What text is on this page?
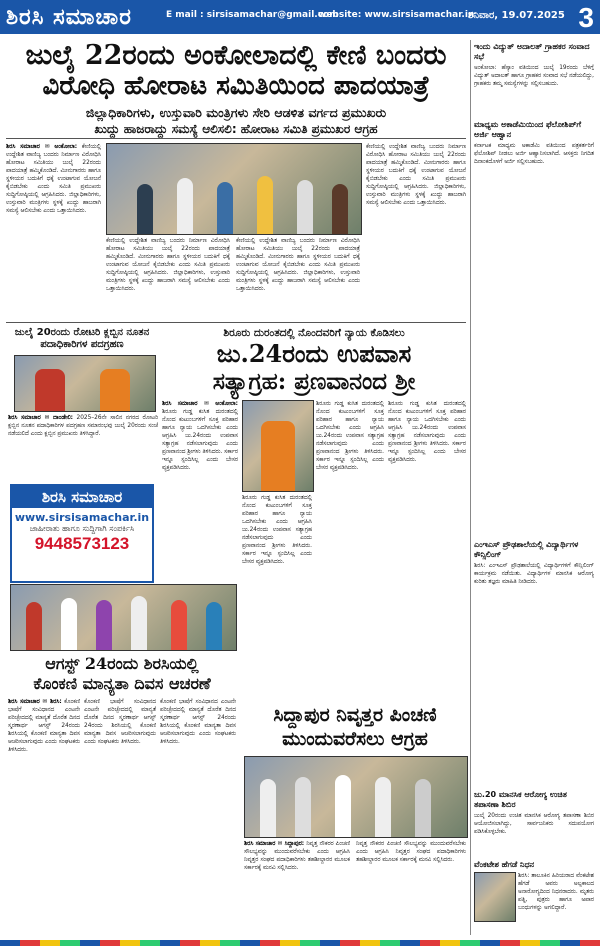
ಶಿರಸಿ ಸಮಾಚಾರ	E mail : sirsisamachar@gmail.com
website: www.sirsisamachar.in
ಶನಿವಾರ, 19.07.2025 3
ಜುಲೈ 22ರಂದು ಅಂಕೋಲಾದಲ್ಲಿ ಕೇಣಿ ಬಂದರು
ವಿರೋಧಿ ಹೋರಾಟ ಸಮಿತಿಯಿಂದ ಪಾದಯಾತ್ರೆ
ಜಿಲ್ಲಾಧಿಕಾರಿಗಳು, ಉಸ್ತುವಾರಿ ಮಂತ್ರಿಗಳು ಸೇರಿ ಆಡಳಿತ ವರ್ಗದ ಪ್ರಮುಖರು
ಖುದ್ದು ಹಾಜರಾದ್ದು ಸಮಸ್ಯೆ ಆಲಿಸಲಿ: ಹೋರಾಟ ಸಮಿತಿ ಪ್ರಮುಖರ ಆಗ್ರಹ
ಶಿರಸಿ ಸಮಾಚಾರ ✉ ಅಂಕೋಲಾ: ಕೇಣಿಯಲ್ಲಿ ಉದ್ದೇಶಿತ ವಾಣಿಜ್ಯ ಬಂದರು ನಿರ್ಮಾಣ ವಿರೋಧಿಸಿ ಹೋರಾಟ ಸಮಿತಿಯು ಜುಲೈ 22ರಂದು ಪಾದಯಾತ್ರೆ ಹಮ್ಮಿಕೊಂಡಿದೆ. ಮೀನುಗಾರರು ಹಾಗೂ ಸ್ಥಳೀಯರ ಬದುಕಿಗೆ ಧಕ್ಕೆ ಉಂಟಾಗುವ ಯೋಜನೆ ಕೈಬಿಡಬೇಕು ಎಂದು ಸಮಿತಿ ಪ್ರಮುಖರು ಸುದ್ದಿಗೋಷ್ಠಿಯಲ್ಲಿ ಆಗ್ರಹಿಸಿದರು. ಜಿಲ್ಲಾಧಿಕಾರಿಗಳು, ಉಸ್ತುವಾರಿ ಮಂತ್ರಿಗಳು ಸ್ಥಳಕ್ಕೆ ಖುದ್ದು ಹಾಜರಾಗಿ ಸಮಸ್ಯೆ ಆಲಿಸಬೇಕು ಎಂದು ಒತ್ತಾಯಿಸಿದರು.
ಕೇಣಿಯಲ್ಲಿ ಉದ್ದೇಶಿತ ವಾಣಿಜ್ಯ ಬಂದರು ನಿರ್ಮಾಣ ವಿರೋಧಿಸಿ ಹೋರಾಟ ಸಮಿತಿಯು ಜುಲೈ 22ರಂದು ಪಾದಯಾತ್ರೆ ಹಮ್ಮಿಕೊಂಡಿದೆ. ಮೀನುಗಾರರು ಹಾಗೂ ಸ್ಥಳೀಯರ ಬದುಕಿಗೆ ಧಕ್ಕೆ ಉಂಟಾಗುವ ಯೋಜನೆ ಕೈಬಿಡಬೇಕು ಎಂದು ಸಮಿತಿ ಪ್ರಮುಖರು ಸುದ್ದಿಗೋಷ್ಠಿಯಲ್ಲಿ ಆಗ್ರಹಿಸಿದರು. ಜಿಲ್ಲಾಧಿಕಾರಿಗಳು, ಉಸ್ತುವಾರಿ ಮಂತ್ರಿಗಳು ಸ್ಥಳಕ್ಕೆ ಖುದ್ದು ಹಾಜರಾಗಿ ಸಮಸ್ಯೆ ಆಲಿಸಬೇಕು ಎಂದು ಒತ್ತಾಯಿಸಿದರು.
ಕೇಣಿಯಲ್ಲಿ ಉದ್ದೇಶಿತ ವಾಣಿಜ್ಯ ಬಂದರು ನಿರ್ಮಾಣ ವಿರೋಧಿಸಿ ಹೋರಾಟ ಸಮಿತಿಯು ಜುಲೈ 22ರಂದು ಪಾದಯಾತ್ರೆ ಹಮ್ಮಿಕೊಂಡಿದೆ. ಮೀನುಗಾರರು ಹಾಗೂ ಸ್ಥಳೀಯರ ಬದುಕಿಗೆ ಧಕ್ಕೆ ಉಂಟಾಗುವ ಯೋಜನೆ ಕೈಬಿಡಬೇಕು ಎಂದು ಸಮಿತಿ ಪ್ರಮುಖರು ಸುದ್ದಿಗೋಷ್ಠಿಯಲ್ಲಿ ಆಗ್ರಹಿಸಿದರು. ಜಿಲ್ಲಾಧಿಕಾರಿಗಳು, ಉಸ್ತುವಾರಿ ಮಂತ್ರಿಗಳು ಸ್ಥಳಕ್ಕೆ ಖುದ್ದು ಹಾಜರಾಗಿ ಸಮಸ್ಯೆ ಆಲಿಸಬೇಕು ಎಂದು ಒತ್ತಾಯಿಸಿದರು.
ಕೇಣಿಯಲ್ಲಿ ಉದ್ದೇಶಿತ ವಾಣಿಜ್ಯ ಬಂದರು ನಿರ್ಮಾಣ ವಿರೋಧಿಸಿ ಹೋರಾಟ ಸಮಿತಿಯು ಜುಲೈ 22ರಂದು ಪಾದಯಾತ್ರೆ ಹಮ್ಮಿಕೊಂಡಿದೆ. ಮೀನುಗಾರರು ಹಾಗೂ ಸ್ಥಳೀಯರ ಬದುಕಿಗೆ ಧಕ್ಕೆ ಉಂಟಾಗುವ ಯೋಜನೆ ಕೈಬಿಡಬೇಕು ಎಂದು ಸಮಿತಿ ಪ್ರಮುಖರು ಸುದ್ದಿಗೋಷ್ಠಿಯಲ್ಲಿ ಆಗ್ರಹಿಸಿದರು. ಜಿಲ್ಲಾಧಿಕಾರಿಗಳು, ಉಸ್ತುವಾರಿ ಮಂತ್ರಿಗಳು ಸ್ಥಳಕ್ಕೆ ಖುದ್ದು ಹಾಜರಾಗಿ ಸಮಸ್ಯೆ ಆಲಿಸಬೇಕು ಎಂದು ಒತ್ತಾಯಿಸಿದರು.
ಜುಲೈ 20ರಂದು ರೋಟರಿ ಕ್ಲಬ್ಬಿನ ನೂತನ ಪದಾಧಿಕಾರಿಗಳ ಪದಗ್ರಹಣ
ಶಿರಸಿ ಸಮಾಚಾರ ✉ ದಾಂಡೇಲಿ: 2025–26ನೇ ಸಾಲಿನ ನಗರದ ರೋಟರಿ ಕ್ಲಬ್ಬಿನ ನೂತನ ಪದಾಧಿಕಾರಿಗಳ ಪದಗ್ರಹಣ ಸಮಾರಂಭವು ಜುಲೈ 20ರಂದು ಸಂಜೆ ನಡೆಯಲಿದೆ ಎಂದು ಕ್ಲಬ್ಬಿನ ಪ್ರಮುಖರು ತಿಳಿಸಿದ್ದಾರೆ.
ಶಿರಸಿ ಸಮಾಚಾರ
www.sirsisamachar.in
ಜಾಹೀರಾತು ಹಾಗೂ ಸುದ್ದಿಗಾಗಿ ಸಂಪರ್ಕಿಸಿ
9448573123
ಶಿರೂರು ದುರಂತದಲ್ಲಿ ನೊಂದವರಿಗೆ ನ್ಯಾಯ ಕೊಡಿಸಲು
ಜು.24ರಂದು ಉಪವಾಸ
ಸತ್ಯಾಗ್ರಹ: ಪ್ರಣವಾನಂದ ಶ್ರೀ
ಶಿರಸಿ ಸಮಾಚಾರ ✉ ಅಂಕೋಲಾ: ಶಿರೂರು ಗುಡ್ಡ ಕುಸಿತ ದುರಂತದಲ್ಲಿ ನೊಂದ ಕುಟುಂಬಗಳಿಗೆ ಸೂಕ್ತ ಪರಿಹಾರ ಹಾಗೂ ನ್ಯಾಯ ಒದಗಿಸಬೇಕು ಎಂದು ಆಗ್ರಹಿಸಿ ಜು.24ರಂದು ಉಪವಾಸ ಸತ್ಯಾಗ್ರಹ ನಡೆಸಲಾಗುವುದು ಎಂದು ಪ್ರಣವಾನಂದ ಶ್ರೀಗಳು ತಿಳಿಸಿದರು. ಸರ್ಕಾರ ಇನ್ನೂ ಸ್ಪಂದಿಸಿಲ್ಲ ಎಂದು ಬೇಸರ ವ್ಯಕ್ತಪಡಿಸಿದರು.
ಶಿರೂರು ಗುಡ್ಡ ಕುಸಿತ ದುರಂತದಲ್ಲಿ ನೊಂದ ಕುಟುಂಬಗಳಿಗೆ ಸೂಕ್ತ ಪರಿಹಾರ ಹಾಗೂ ನ್ಯಾಯ ಒದಗಿಸಬೇಕು ಎಂದು ಆಗ್ರಹಿಸಿ ಜು.24ರಂದು ಉಪವಾಸ ಸತ್ಯಾಗ್ರಹ ನಡೆಸಲಾಗುವುದು ಎಂದು ಪ್ರಣವಾನಂದ ಶ್ರೀಗಳು ತಿಳಿಸಿದರು. ಸರ್ಕಾರ ಇನ್ನೂ ಸ್ಪಂದಿಸಿಲ್ಲ ಎಂದು ಬೇಸರ ವ್ಯಕ್ತಪಡಿಸಿದರು.
ಶಿರೂರು ಗುಡ್ಡ ಕುಸಿತ ದುರಂತದಲ್ಲಿ ನೊಂದ ಕುಟುಂಬಗಳಿಗೆ ಸೂಕ್ತ ಪರಿಹಾರ ಹಾಗೂ ನ್ಯಾಯ ಒದಗಿಸಬೇಕು ಎಂದು ಆಗ್ರಹಿಸಿ ಜು.24ರಂದು ಉಪವಾಸ ಸತ್ಯಾಗ್ರಹ ನಡೆಸಲಾಗುವುದು ಎಂದು ಪ್ರಣವಾನಂದ ಶ್ರೀಗಳು ತಿಳಿಸಿದರು. ಸರ್ಕಾರ ಇನ್ನೂ ಸ್ಪಂದಿಸಿಲ್ಲ ಎಂದು ಬೇಸರ ವ್ಯಕ್ತಪಡಿಸಿದರು.
ಶಿರೂರು ಗುಡ್ಡ ಕುಸಿತ ದುರಂತದಲ್ಲಿ ನೊಂದ ಕುಟುಂಬಗಳಿಗೆ ಸೂಕ್ತ ಪರಿಹಾರ ಹಾಗೂ ನ್ಯಾಯ ಒದಗಿಸಬೇಕು ಎಂದು ಆಗ್ರಹಿಸಿ ಜು.24ರಂದು ಉಪವಾಸ ಸತ್ಯಾಗ್ರಹ ನಡೆಸಲಾಗುವುದು ಎಂದು ಪ್ರಣವಾನಂದ ಶ್ರೀಗಳು ತಿಳಿಸಿದರು. ಸರ್ಕಾರ ಇನ್ನೂ ಸ್ಪಂದಿಸಿಲ್ಲ ಎಂದು ಬೇಸರ ವ್ಯಕ್ತಪಡಿಸಿದರು.
ಆಗಸ್ಟ್ 24ರಂದು ಶಿರಸಿಯಲ್ಲಿ
ಕೊಂಕಣಿ ಮಾನ್ಯತಾ ದಿವಸ ಆಚರಣೆ
ಶಿರಸಿ ಸಮಾಚಾರ ✉ ಶಿರಸಿ: ಕೊಂಕಣಿ ಭಾಷೆಗೆ ಸಂವಿಧಾನದ ಎಂಟನೇ ಪರಿಚ್ಛೇದದಲ್ಲಿ ಮಾನ್ಯತೆ ದೊರೆತ ದಿನದ ಸ್ಮರಣಾರ್ಥ ಆಗಸ್ಟ್ 24ರಂದು ಶಿರಸಿಯಲ್ಲಿ ಕೊಂಕಣಿ ಮಾನ್ಯತಾ ದಿವಸ ಆಚರಿಸಲಾಗುವುದು ಎಂದು ಸಂಘಟಕರು ತಿಳಿಸಿದರು.
ಕೊಂಕಣಿ ಭಾಷೆಗೆ ಸಂವಿಧಾನದ ಎಂಟನೇ ಪರಿಚ್ಛೇದದಲ್ಲಿ ಮಾನ್ಯತೆ ದೊರೆತ ದಿನದ ಸ್ಮರಣಾರ್ಥ ಆಗಸ್ಟ್ 24ರಂದು ಶಿರಸಿಯಲ್ಲಿ ಕೊಂಕಣಿ ಮಾನ್ಯತಾ ದಿವಸ ಆಚರಿಸಲಾಗುವುದು ಎಂದು ಸಂಘಟಕರು ತಿಳಿಸಿದರು.
ಕೊಂಕಣಿ ಭಾಷೆಗೆ ಸಂವಿಧಾನದ ಎಂಟನೇ ಪರಿಚ್ಛೇದದಲ್ಲಿ ಮಾನ್ಯತೆ ದೊರೆತ ದಿನದ ಸ್ಮರಣಾರ್ಥ ಆಗಸ್ಟ್ 24ರಂದು ಶಿರಸಿಯಲ್ಲಿ ಕೊಂಕಣಿ ಮಾನ್ಯತಾ ದಿವಸ ಆಚರಿಸಲಾಗುವುದು ಎಂದು ಸಂಘಟಕರು ತಿಳಿಸಿದರು.
ಸಿದ್ದಾಪುರ ನಿವೃತ್ತರ ಪಿಂಚಣಿ
ಮುಂದುವರೆಸಲು ಆಗ್ರಹ
ಶಿರಸಿ ಸಮಾಚಾರ ✉ ಸಿದ್ದಾಪುರ: ನಿವೃತ್ತ ನೌಕರರ ಪಿಂಚಣಿ ಸೌಲಭ್ಯವನ್ನು ಮುಂದುವರೆಸಬೇಕು ಎಂದು ಆಗ್ರಹಿಸಿ ನಿವೃತ್ತರ ಸಂಘದ ಪದಾಧಿಕಾರಿಗಳು ತಹಶೀಲ್ದಾರರ ಮೂಲಕ ಸರ್ಕಾರಕ್ಕೆ ಮನವಿ ಸಲ್ಲಿಸಿದರು.
ನಿವೃತ್ತ ನೌಕರರ ಪಿಂಚಣಿ ಸೌಲಭ್ಯವನ್ನು ಮುಂದುವರೆಸಬೇಕು ಎಂದು ಆಗ್ರಹಿಸಿ ನಿವೃತ್ತರ ಸಂಘದ ಪದಾಧಿಕಾರಿಗಳು ತಹಶೀಲ್ದಾರರ ಮೂಲಕ ಸರ್ಕಾರಕ್ಕೆ ಮನವಿ ಸಲ್ಲಿಸಿದರು.
ಇಂದು ವಿದ್ಯುತ್ ಅದಾಲತ್ ಗ್ರಾಹಕರ ಸಂವಾದ ಸಭೆ
ಅಂಕೋಲಾ: ಹೆಸ್ಕಾಂ ವತಿಯಿಂದ ಜುಲೈ 19ರಂದು ಬೆಳಿಗ್ಗೆ ವಿದ್ಯುತ್ ಅದಾಲತ್ ಹಾಗೂ ಗ್ರಾಹಕರ ಸಂವಾದ ಸಭೆ ನಡೆಯಲಿದ್ದು, ಗ್ರಾಹಕರು ತಮ್ಮ ಸಮಸ್ಯೆಗಳನ್ನು ಸಲ್ಲಿಸಬಹುದು.
ಮಾಧ್ಯಮ ಅಕಾಡೆಮಿಯಿಂದ ಫೆಲೋಶಿಪ್‌ಗೆ ಅರ್ಜಿ ಆಹ್ವಾನ
ಕರ್ನಾಟಕ ಮಾಧ್ಯಮ ಅಕಾಡೆಮಿ ವತಿಯಿಂದ ಪತ್ರಕರ್ತರಿಗೆ ಫೆಲೋಶಿಪ್ ನೀಡಲು ಅರ್ಜಿ ಆಹ್ವಾನಿಸಲಾಗಿದೆ. ಆಸಕ್ತರು ನಿಗದಿತ ದಿನಾಂಕದೊಳಗೆ ಅರ್ಜಿ ಸಲ್ಲಿಸಬಹುದು.
ಎಂಇಎಸ್ ಪ್ರೌಢಶಾಲೆಯಲ್ಲಿ ವಿದ್ಯಾರ್ಥಿಗಳ ಕೌನ್ಸಿಲಿಂಗ್
ಶಿರಸಿ: ಎಂಇಎಸ್ ಪ್ರೌಢಶಾಲೆಯಲ್ಲಿ ವಿದ್ಯಾರ್ಥಿಗಳಿಗೆ ಕೌನ್ಸಿಲಿಂಗ್ ಕಾರ್ಯಕ್ರಮ ನಡೆಯಿತು. ವಿದ್ಯಾರ್ಥಿಗಳ ಮಾನಸಿಕ ಆರೋಗ್ಯ ಕುರಿತು ತಜ್ಞರು ಮಾಹಿತಿ ನೀಡಿದರು.
ಜು.20 ಮಾನಸಿಕ ಆರೋಗ್ಯ ಉಚಿತ ತಪಾಸಣಾ ಶಿಬಿರ
ಜುಲೈ 20ರಂದು ಉಚಿತ ಮಾನಸಿಕ ಆರೋಗ್ಯ ತಪಾಸಣಾ ಶಿಬಿರ ಆಯೋಜಿಸಲಾಗಿದ್ದು, ಸಾರ್ವಜನಿಕರು ಸದುಪಯೋಗ ಪಡಿಸಿಕೊಳ್ಳಬೇಕು.
ವೆಂಕಟೇಶ ಹೆಗಡೆ ನಿಧನ
ಶಿರಸಿ: ತಾಲೂಕಿನ ಹಿರಿಯರಾದ ವೆಂಕಟೇಶ ಹೆಗಡೆ ಅವರು ಅಲ್ಪಕಾಲದ ಅನಾರೋಗ್ಯದಿಂದ ನಿಧನರಾದರು. ಮೃತರು ಪತ್ನಿ, ಪುತ್ರರು ಹಾಗೂ ಅಪಾರ ಬಂಧುಗಳನ್ನು ಅಗಲಿದ್ದಾರೆ.
